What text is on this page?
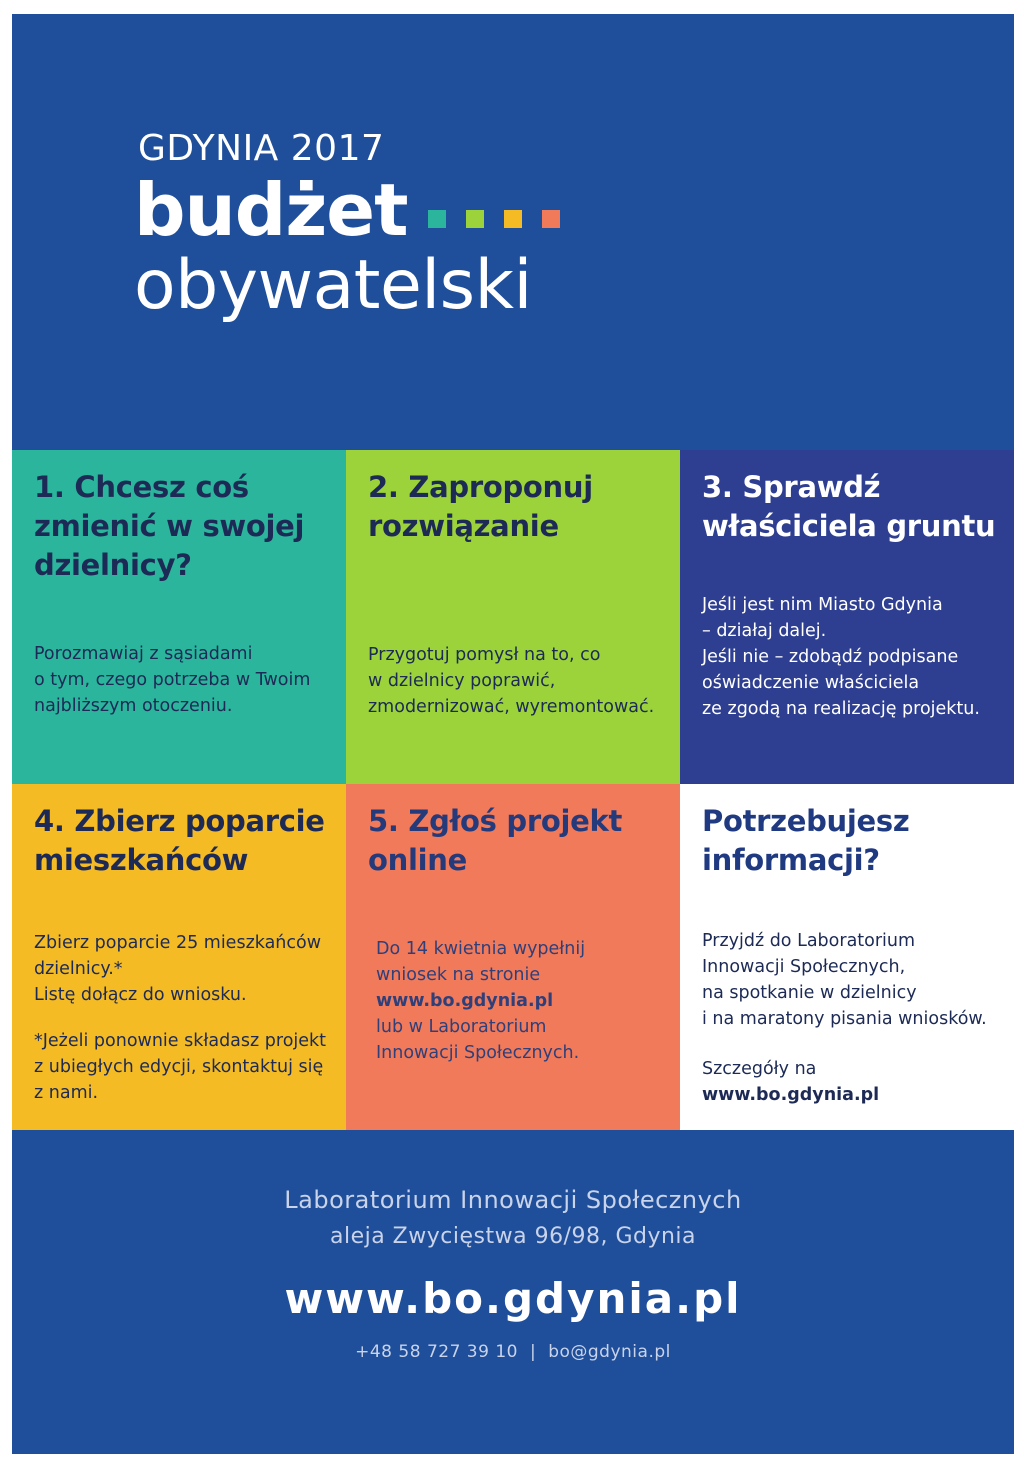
GDYNIA 2017
budżet
obywatelski
1. Chcesz coś zmienić w swojej dzielnicy?

Porozmawiaj z sąsiadami
o tym, czego potrzeba w Twoim
najbliższym otoczeniu.

2. Zaproponuj rozwiązanie

Przygotuj pomysł na to, co
w dzielnicy poprawić,
zmodernizować, wyremontować.

3. Sprawdź właściciela gruntu

Jeśli jest nim Miasto Gdynia
– działaj dalej.
Jeśli nie – zdobądź podpisane
oświadczenie właściciela
ze zgodą na realizację projektu.

4. Zbierz poparcie mieszkańców

Zbierz poparcie 25 mieszkańców
dzielnicy.*
Listę dołącz do wniosku.

*Jeżeli ponownie składasz projekt
z ubiegłych edycji, skontaktuj się
z nami.

5. Zgłoś projekt online

Do 14 kwietnia wypełnij
wniosek na stronie
www.bo.gdynia.pl
lub w Laboratorium
Innowacji Społecznych.

Potrzebujesz informacji?

Przyjdź do Laboratorium
Innowacji Społecznych,
na spotkanie w dzielnicy
i na maratony pisania wniosków.

Szczegóły na www.bo.gdynia.pl

Laboratorium Innowacji Społecznych
aleja Zwycięstwa 96/98, Gdynia
www.bo.gdynia.pl
+48 58 727 39 10 | bo@gdynia.pl
